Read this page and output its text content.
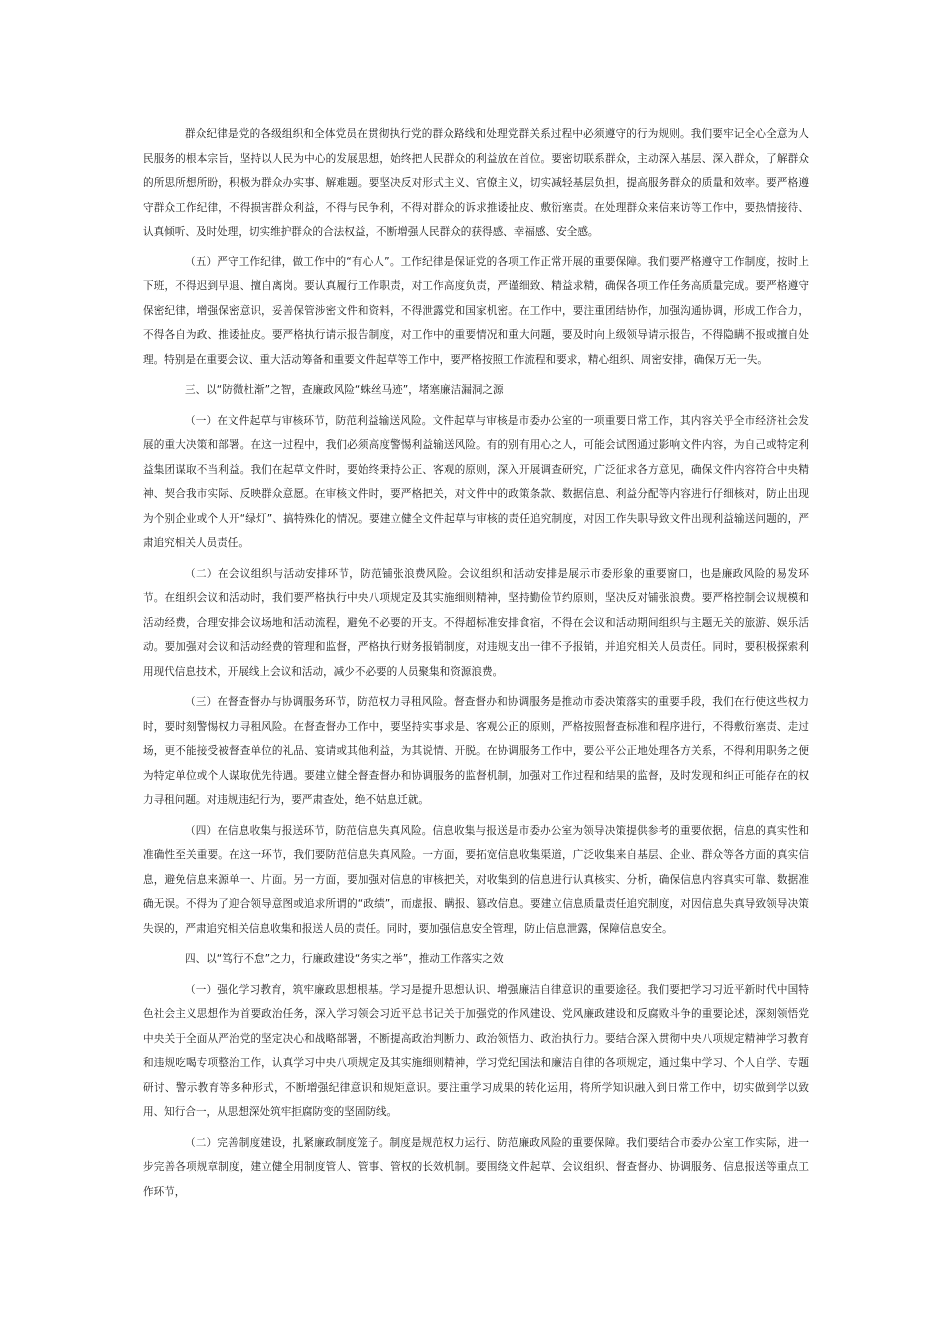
群众纪律是党的各级组织和全体党员在贯彻执行党的群众路线和处理党群关系过程中必须遵守的行为规则。我们要牢记全心全意为人民服务的根本宗旨，坚持以人民为中心的发展思想，始终把人民群众的利益放在首位。要密切联系群众，主动深入基层、深入群众，了解群众的所思所想所盼，积极为群众办实事、解难题。要坚决反对形式主义、官僚主义，切实减轻基层负担，提高服务群众的质量和效率。要严格遵守群众工作纪律，不得损害群众利益，不得与民争利，不得对群众的诉求推诿扯皮、敷衍塞责。在处理群众来信来访等工作中，要热情接待、认真倾听、及时处理，切实维护群众的合法权益，不断增强人民群众的获得感、幸福感、安全感。

（五）严守工作纪律，做工作中的“有心人”。工作纪律是保证党的各项工作正常开展的重要保障。我们要严格遵守工作制度，按时上下班，不得迟到早退、擅自离岗。要认真履行工作职责，对工作高度负责，严谨细致、精益求精，确保各项工作任务高质量完成。要严格遵守保密纪律，增强保密意识，妥善保管涉密文件和资料，不得泄露党和国家机密。在工作中，要注重团结协作，加强沟通协调，形成工作合力，不得各自为政、推诿扯皮。要严格执行请示报告制度，对工作中的重要情况和重大问题，要及时向上级领导请示报告，不得隐瞒不报或擅自处理。特别是在重要会议、重大活动筹备和重要文件起草等工作中，要严格按照工作流程和要求，精心组织、周密安排，确保万无一失。

三、以“防微杜渐”之智，查廉政风险“蛛丝马迹”，堵塞廉洁漏洞之源

（一）在文件起草与审核环节，防范利益输送风险。文件起草与审核是市委办公室的一项重要日常工作，其内容关乎全市经济社会发展的重大决策和部署。在这一过程中，我们必须高度警惕利益输送风险。有的别有用心之人，可能会试图通过影响文件内容，为自己或特定利益集团谋取不当利益。我们在起草文件时，要始终秉持公正、客观的原则，深入开展调查研究，广泛征求各方意见，确保文件内容符合中央精神、契合我市实际、反映群众意愿。在审核文件时，要严格把关，对文件中的政策条款、数据信息、利益分配等内容进行仔细核对，防止出现为个别企业或个人开“绿灯”、搞特殊化的情况。要建立健全文件起草与审核的责任追究制度，对因工作失职导致文件出现利益输送问题的，严肃追究相关人员责任。

（二）在会议组织与活动安排环节，防范铺张浪费风险。会议组织和活动安排是展示市委形象的重要窗口，也是廉政风险的易发环节。在组织会议和活动时，我们要严格执行中央八项规定及其实施细则精神，坚持勤俭节约原则，坚决反对铺张浪费。要严格控制会议规模和活动经费，合理安排会议场地和活动流程，避免不必要的开支。不得超标准安排食宿，不得在会议和活动期间组织与主题无关的旅游、娱乐活动。要加强对会议和活动经费的管理和监督，严格执行财务报销制度，对违规支出一律不予报销，并追究相关人员责任。同时，要积极探索利用现代信息技术，开展线上会议和活动，减少不必要的人员聚集和资源浪费。

（三）在督查督办与协调服务环节，防范权力寻租风险。督查督办和协调服务是推动市委决策落实的重要手段，我们在行使这些权力时，要时刻警惕权力寻租风险。在督查督办工作中，要坚持实事求是、客观公正的原则，严格按照督查标准和程序进行，不得敷衍塞责、走过场，更不能接受被督查单位的礼品、宴请或其他利益，为其说情、开脱。在协调服务工作中，要公平公正地处理各方关系，不得利用职务之便为特定单位或个人谋取优先待遇。要建立健全督查督办和协调服务的监督机制，加强对工作过程和结果的监督，及时发现和纠正可能存在的权力寻租问题。对违规违纪行为，要严肃查处，绝不姑息迁就。

（四）在信息收集与报送环节，防范信息失真风险。信息收集与报送是市委办公室为领导决策提供参考的重要依据，信息的真实性和准确性至关重要。在这一环节，我们要防范信息失真风险。一方面，要拓宽信息收集渠道，广泛收集来自基层、企业、群众等各方面的真实信息，避免信息来源单一、片面。另一方面，要加强对信息的审核把关，对收集到的信息进行认真核实、分析，确保信息内容真实可靠、数据准确无误。不得为了迎合领导意图或追求所谓的“政绩”，而虚报、瞒报、篡改信息。要建立信息质量责任追究制度，对因信息失真导致领导决策失误的，严肃追究相关信息收集和报送人员的责任。同时，要加强信息安全管理，防止信息泄露，保障信息安全。

四、以“笃行不怠”之力，行廉政建设“务实之举”，推动工作落实之效

（一）强化学习教育，筑牢廉政思想根基。学习是提升思想认识、增强廉洁自律意识的重要途径。我们要把学习习近平新时代中国特色社会主义思想作为首要政治任务，深入学习领会习近平总书记关于加强党的作风建设、党风廉政建设和反腐败斗争的重要论述，深刻领悟党中央关于全面从严治党的坚定决心和战略部署，不断提高政治判断力、政治领悟力、政治执行力。要结合深入贯彻中央八项规定精神学习教育和违规吃喝专项整治工作，认真学习中央八项规定及其实施细则精神，学习党纪国法和廉洁自律的各项规定，通过集中学习、个人自学、专题研讨、警示教育等多种形式，不断增强纪律意识和规矩意识。要注重学习成果的转化运用，将所学知识融入到日常工作中，切实做到学以致用、知行合一，从思想深处筑牢拒腐防变的坚固防线。

（二）完善制度建设，扎紧廉政制度笼子。制度是规范权力运行、防范廉政风险的重要保障。我们要结合市委办公室工作实际，进一步完善各项规章制度，建立健全用制度管人、管事、管权的长效机制。要围绕文件起草、会议组织、督查督办、协调服务、信息报送等重点工作环节，
